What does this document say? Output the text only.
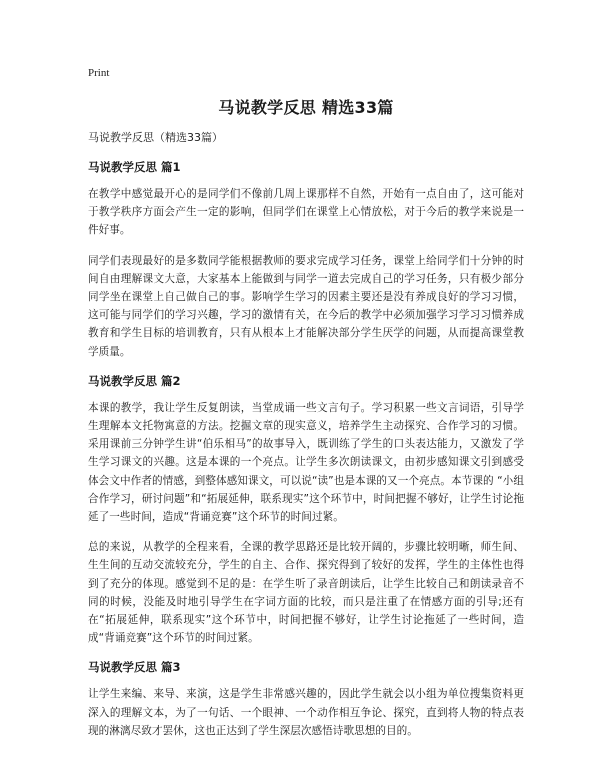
Print
马说教学反思 精选33篇
马说教学反思（精选33篇）
马说教学反思 篇1

在教学中感觉最开心的是同学们不像前几周上课那样不自然，开始有一点自由了，这可能对于教学秩序方面会产生一定的影响，但同学们在课堂上心情放松，对于今后的教学来说是一件好事。

同学们表现最好的是多数同学能根据教师的要求完成学习任务，课堂上给同学们十分钟的时间自由理解课文大意，大家基本上能做到与同学一道去完成自己的学习任务，只有极少部分同学坐在课堂上自己做自己的事。影响学生学习的因素主要还是没有养成良好的学习习惯，这可能与同学们的学习兴趣，学习的激情有关，在今后的教学中必须加强学习学习习惯养成教育和学生目标的培训教育，只有从根本上才能解决部分学生厌学的问题，从而提高课堂教学质量。

马说教学反思 篇2

本课的教学，我让学生反复朗读，当堂成诵一些文言句子。学习积累一些文言词语，引导学生理解本文托物寓意的方法。挖掘文章的现实意义，培养学生主动探究、合作学习的习惯。采用课前三分钟学生讲“伯乐相马”的故事导入，既训练了学生的口头表达能力，又激发了学生学习课文的兴趣。这是本课的一个亮点。让学生多次朗读课文，由初步感知课文引到感受体会文中作者的情感，到整体感知课文，可以说“读”也是本课的又一个亮点。本节课的 “小组合作学习，研讨问题”和“拓展延伸，联系现实”这个环节中，时间把握不够好，让学生讨论拖延了一些时间，造成“背诵竞赛”这个环节的时间过紧。

总的来说，从教学的全程来看，全课的教学思路还是比较开阔的，步骤比较明晰，师生间、生生间的互动交流较充分，学生的自主、合作、探究得到了较好的发挥，学生的主体性也得到了充分的体现。感觉到不足的是：在学生听了录音朗读后，让学生比较自己和朗读录音不同的时候，没能及时地引导学生在字词方面的比较，而只是注重了在情感方面的引导;还有在“拓展延伸，联系现实”这个环节中，时间把握不够好，让学生讨论拖延了一些时间，造成“背诵竞赛”这个环节的时间过紧。

马说教学反思 篇3

让学生来编、来导、来演，这是学生非常感兴趣的，因此学生就会以小组为单位搜集资料更深入的理解文本，为了一句话、一个眼神、一个动作相互争论、探究，直到将人物的特点表现的淋漓尽致才罢休，这也正达到了学生深层次感悟诗歌思想的目的。
